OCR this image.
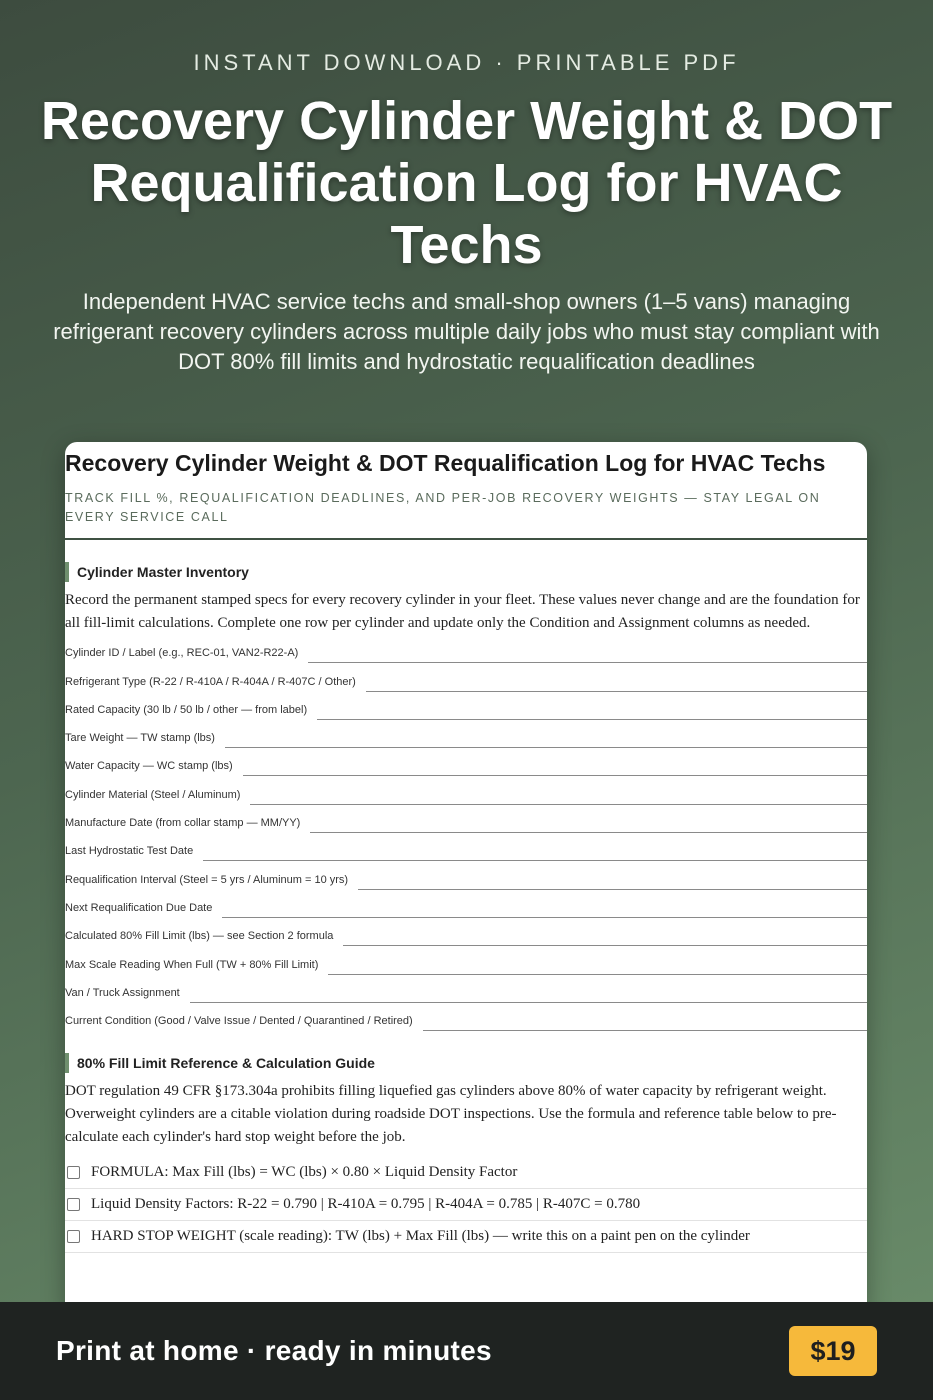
INSTANT DOWNLOAD · PRINTABLE PDF
Recovery Cylinder Weight & DOT Requalification Log for HVAC Techs

Independent HVAC service techs and small-shop owners (1–5 vans) managing refrigerant recovery cylinders across multiple daily jobs who must stay compliant with DOT 80% fill limits and hydrostatic requalification deadlines

Recovery Cylinder Weight & DOT Requalification Log for HVAC Techs
TRACK FILL %, REQUALIFICATION DEADLINES, AND PER-JOB RECOVERY WEIGHTS — STAY LEGAL ON EVERY SERVICE CALL
Cylinder Master Inventory
Record the permanent stamped specs for every recovery cylinder in your fleet. These values never change and are the foundation for all fill-limit calculations. Complete one row per cylinder and update only the Condition and Assignment columns as needed.
Cylinder ID / Label (e.g., REC-01, VAN2-R22-A)
Refrigerant Type (R-22 / R-410A / R-404A / R-407C / Other)
Rated Capacity (30 lb / 50 lb / other — from label)
Tare Weight — TW stamp (lbs)
Water Capacity — WC stamp (lbs)
Cylinder Material (Steel / Aluminum)
Manufacture Date (from collar stamp — MM/YY)
Last Hydrostatic Test Date
Requalification Interval (Steel = 5 yrs / Aluminum = 10 yrs)
Next Requalification Due Date
Calculated 80% Fill Limit (lbs) — see Section 2 formula
Max Scale Reading When Full (TW + 80% Fill Limit)
Van / Truck Assignment
Current Condition (Good / Valve Issue / Dented / Quarantined / Retired)
80% Fill Limit Reference & Calculation Guide
DOT regulation 49 CFR §173.304a prohibits filling liquefied gas cylinders above 80% of water capacity by refrigerant weight. Overweight cylinders are a citable violation during roadside DOT inspections. Use the formula and reference table below to pre-calculate each cylinder's hard stop weight before the job.
FORMULA: Max Fill (lbs) = WC (lbs) × 0.80 × Liquid Density Factor
Liquid Density Factors: R-22 = 0.790 | R-410A = 0.795 | R-404A = 0.785 | R-407C = 0.780
HARD STOP WEIGHT (scale reading): TW (lbs) + Max Fill (lbs) — write this on a paint pen on the cylinder
Print at home · ready in minutes	$19
